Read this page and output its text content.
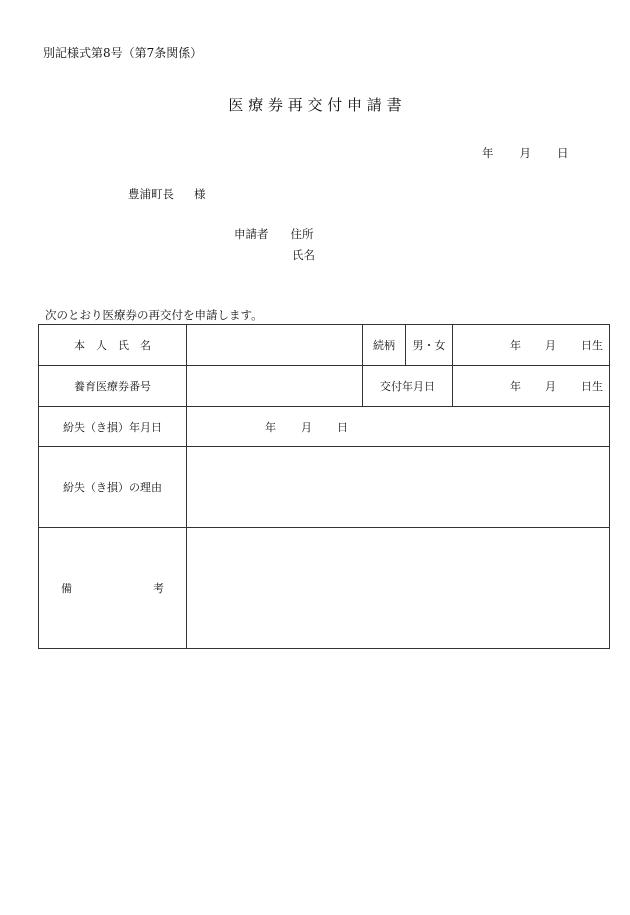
別記様式第8号（第7条関係）
医 療 券 再 交 付 申 請 書
年 月 日
豊浦町長 様
申請者 住所
氏名
次のとおり医療券の再交付を申請します。
本　人　氏　名		続柄	男・女	年 月 日生

養育医療券番号		交付年月日		年 月 日生

紛失（き損）年月日	年 月 日			

紛失（き損）の理由				

備 考				
